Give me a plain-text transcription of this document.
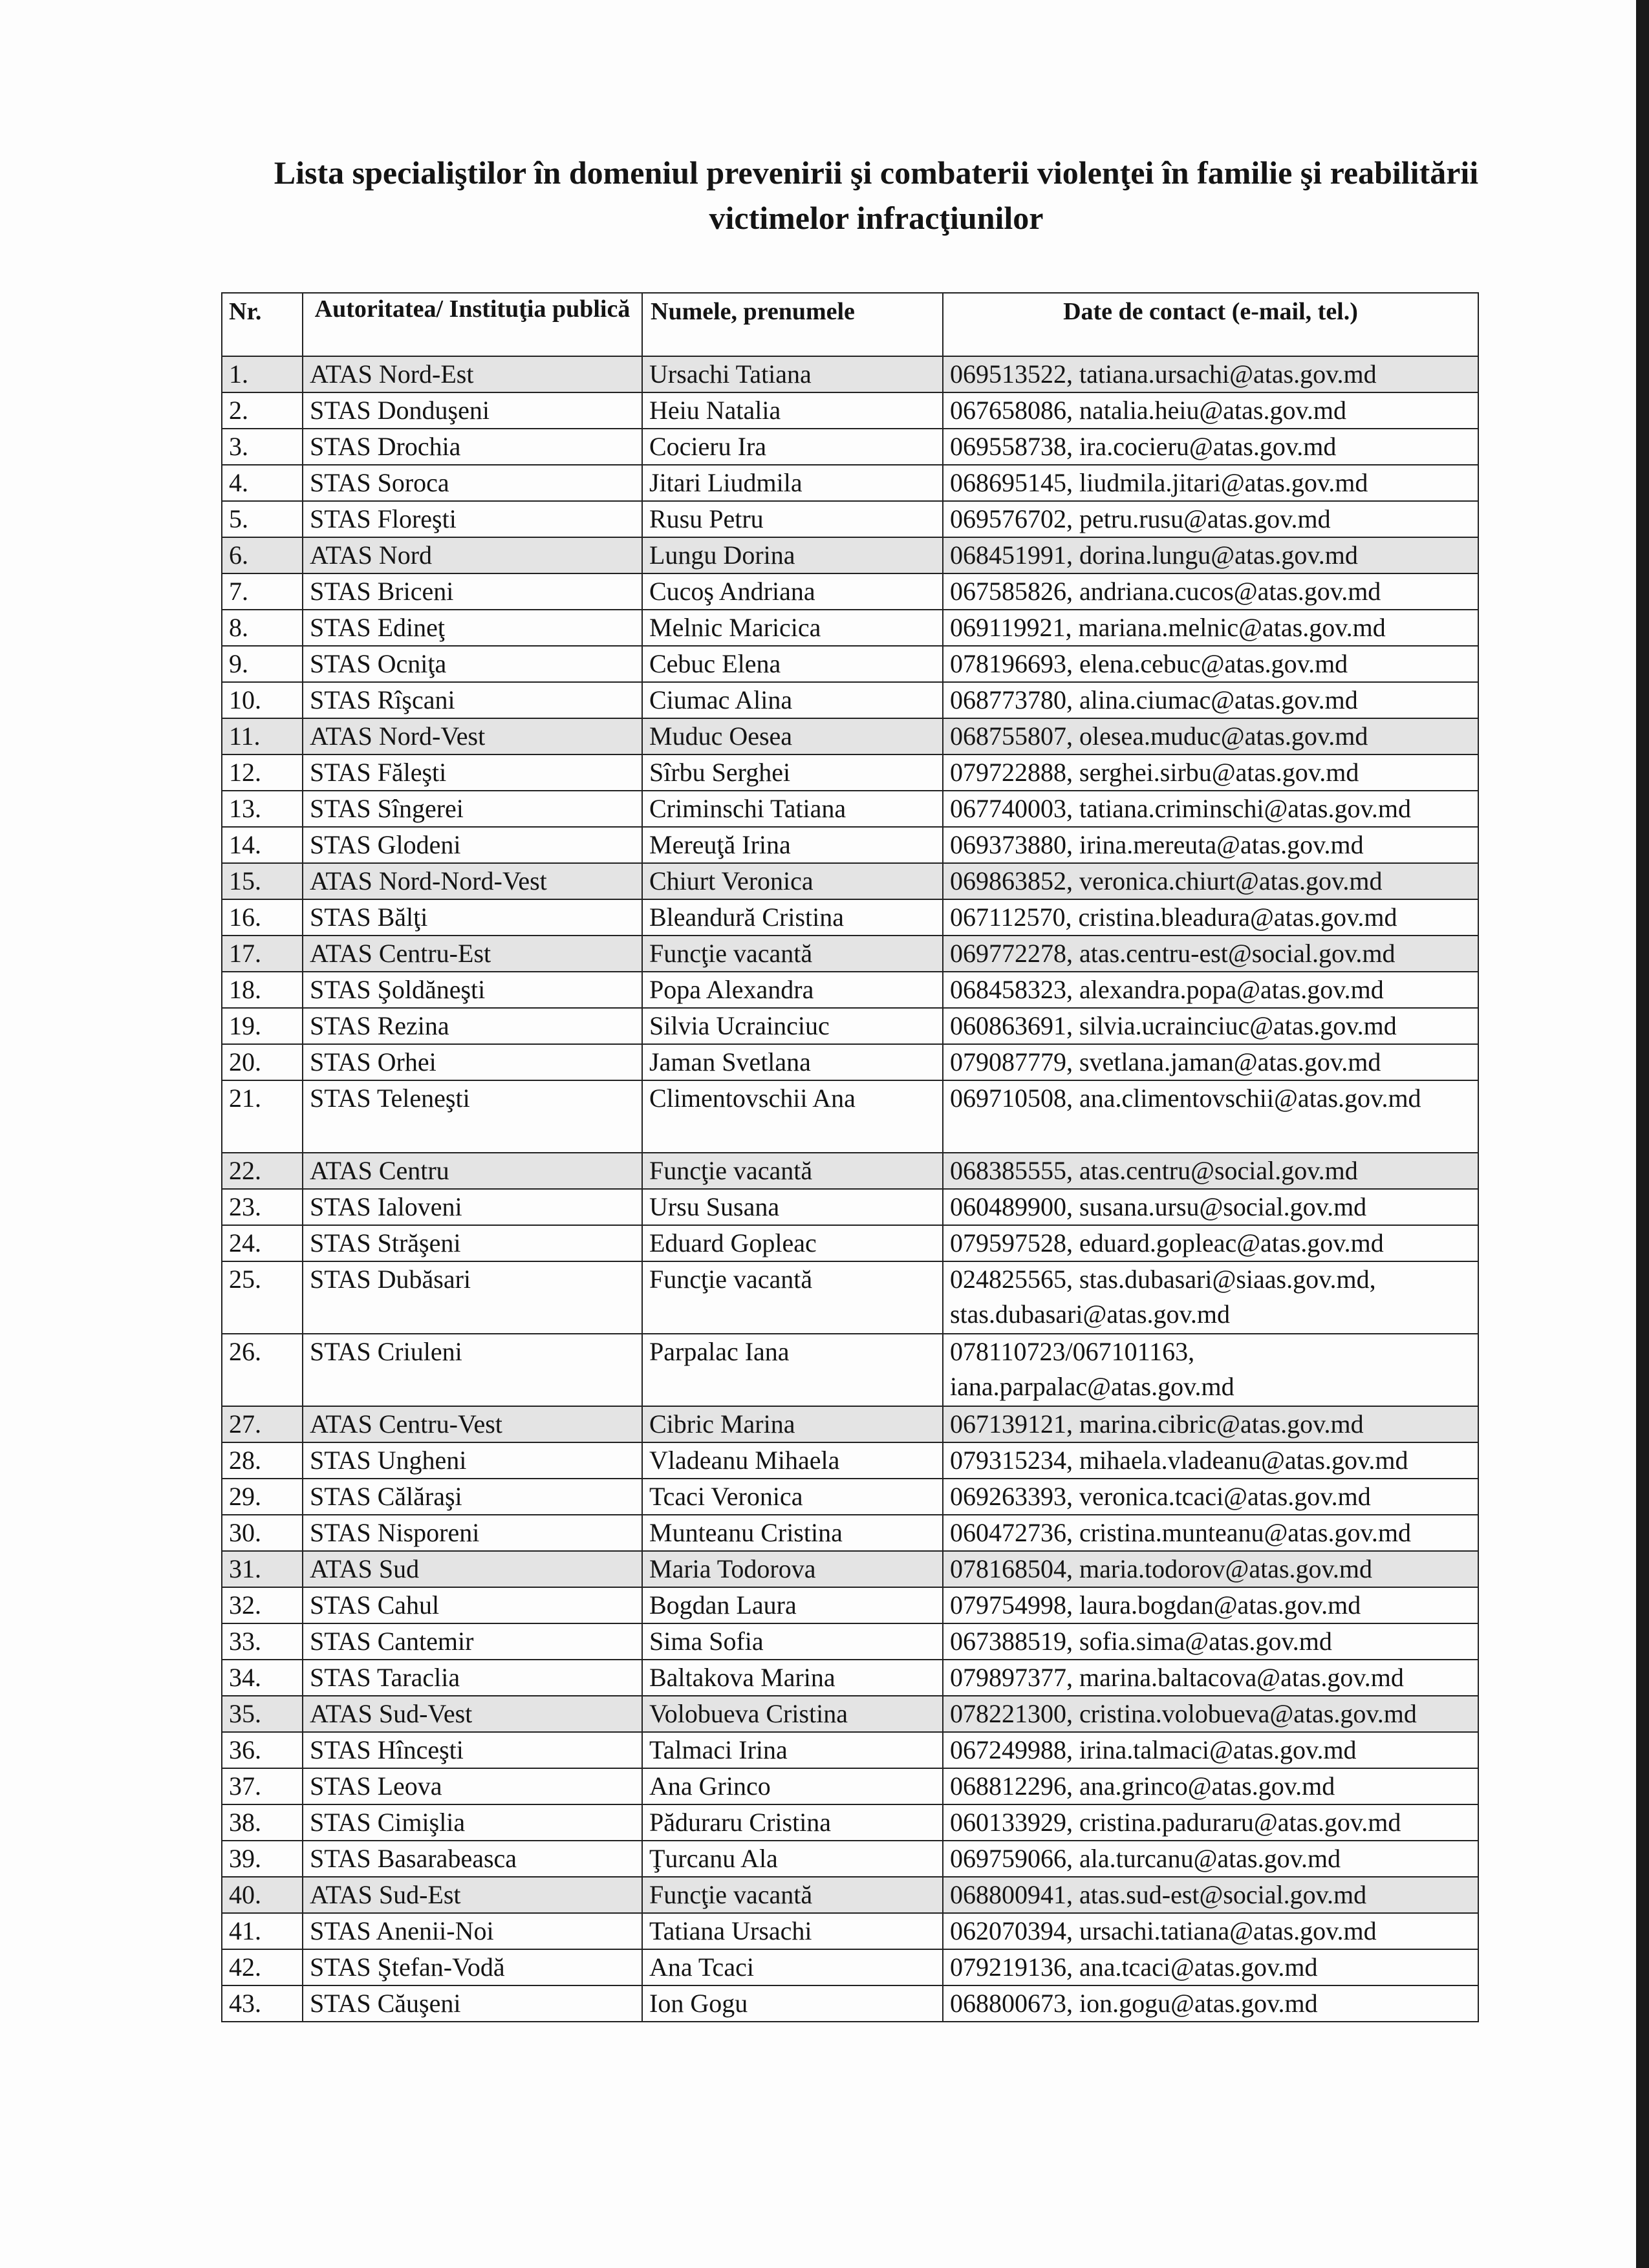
Lista specialiştilor în domeniul prevenirii şi combaterii violenţei în familie şi reabilitării victimelor infracţiunilor
Nr.	Autoritatea/ Instituţia publică	Numele, prenumele	Date de contact (e-mail, tel.)
1.	ATAS Nord-Est	Ursachi Tatiana	069513522, tatiana.ursachi@atas.gov.md
2.	STAS Donduşeni	Heiu Natalia	067658086, natalia.heiu@atas.gov.md
3.	STAS Drochia	Cocieru Ira	069558738, ira.cocieru@atas.gov.md
4.	STAS Soroca	Jitari Liudmila	068695145, liudmila.jitari@atas.gov.md
5.	STAS Floreşti	Rusu Petru	069576702, petru.rusu@atas.gov.md
6.	ATAS Nord	Lungu Dorina	068451991, dorina.lungu@atas.gov.md
7.	STAS Briceni	Cucoş Andriana	067585826, andriana.cucos@atas.gov.md
8.	STAS Edineţ	Melnic Maricica	069119921, mariana.melnic@atas.gov.md
9.	STAS Ocniţa	Cebuc Elena	078196693, elena.cebuc@atas.gov.md
10.	STAS Rîşcani	Ciumac Alina	068773780, alina.ciumac@atas.gov.md
11.	ATAS Nord-Vest	Muduc Oesea	068755807, olesea.muduc@atas.gov.md
12.	STAS Făleşti	Sîrbu Serghei	079722888, serghei.sirbu@atas.gov.md
13.	STAS Sîngerei	Criminschi Tatiana	067740003, tatiana.criminschi@atas.gov.md
14.	STAS Glodeni	Mereuţă Irina	069373880, irina.mereuta@atas.gov.md
15.	ATAS Nord-Nord-Vest	Chiurt Veronica	069863852, veronica.chiurt@atas.gov.md
16.	STAS Bălţi	Bleandură Cristina	067112570, cristina.bleadura@atas.gov.md
17.	ATAS Centru-Est	Funcţie vacantă	069772278, atas.centru-est@social.gov.md
18.	STAS Şoldăneşti	Popa Alexandra	068458323, alexandra.popa@atas.gov.md
19.	STAS Rezina	Silvia Ucrainciuc	060863691, silvia.ucrainciuc@atas.gov.md
20.	STAS Orhei	Jaman Svetlana	079087779, svetlana.jaman@atas.gov.md
21.	STAS Teleneşti	Climentovschii Ana	069710508, ana.climentovschii@atas.gov.md
22.	ATAS Centru	Funcţie vacantă	068385555, atas.centru@social.gov.md
23.	STAS Ialoveni	Ursu Susana	060489900, susana.ursu@social.gov.md
24.	STAS Străşeni	Eduard Gopleac	079597528, eduard.gopleac@atas.gov.md
25.	STAS Dubăsari	Funcţie vacantă	024825565, stas.dubasari@siaas.gov.md, stas.dubasari@atas.gov.md
26.	STAS Criuleni	Parpalac Iana	078110723/067101163, iana.parpalac@atas.gov.md
27.	ATAS Centru-Vest	Cibric Marina	067139121, marina.cibric@atas.gov.md
28.	STAS Ungheni	Vladeanu Mihaela	079315234, mihaela.vladeanu@atas.gov.md
29.	STAS Călăraşi	Tcaci Veronica	069263393, veronica.tcaci@atas.gov.md
30.	STAS Nisporeni	Munteanu Cristina	060472736, cristina.munteanu@atas.gov.md
31.	ATAS Sud	Maria Todorova	078168504, maria.todorov@atas.gov.md
32.	STAS Cahul	Bogdan Laura	079754998, laura.bogdan@atas.gov.md
33.	STAS Cantemir	Sima Sofia	067388519, sofia.sima@atas.gov.md
34.	STAS Taraclia	Baltakova Marina	079897377, marina.baltacova@atas.gov.md
35.	ATAS Sud-Vest	Volobueva Cristina	078221300, cristina.volobueva@atas.gov.md
36.	STAS Hînceşti	Talmaci Irina	067249988, irina.talmaci@atas.gov.md
37.	STAS Leova	Ana Grinco	068812296, ana.grinco@atas.gov.md
38.	STAS Cimişlia	Păduraru Cristina	060133929, cristina.paduraru@atas.gov.md
39.	STAS Basarabeasca	Ţurcanu Ala	069759066, ala.turcanu@atas.gov.md
40.	ATAS Sud-Est	Funcţie vacantă	068800941, atas.sud-est@social.gov.md
41.	STAS Anenii-Noi	Tatiana Ursachi	062070394, ursachi.tatiana@atas.gov.md
42.	STAS Ştefan-Vodă	Ana Tcaci	079219136, ana.tcaci@atas.gov.md
43.	STAS Căuşeni	Ion Gogu	068800673, ion.gogu@atas.gov.md
